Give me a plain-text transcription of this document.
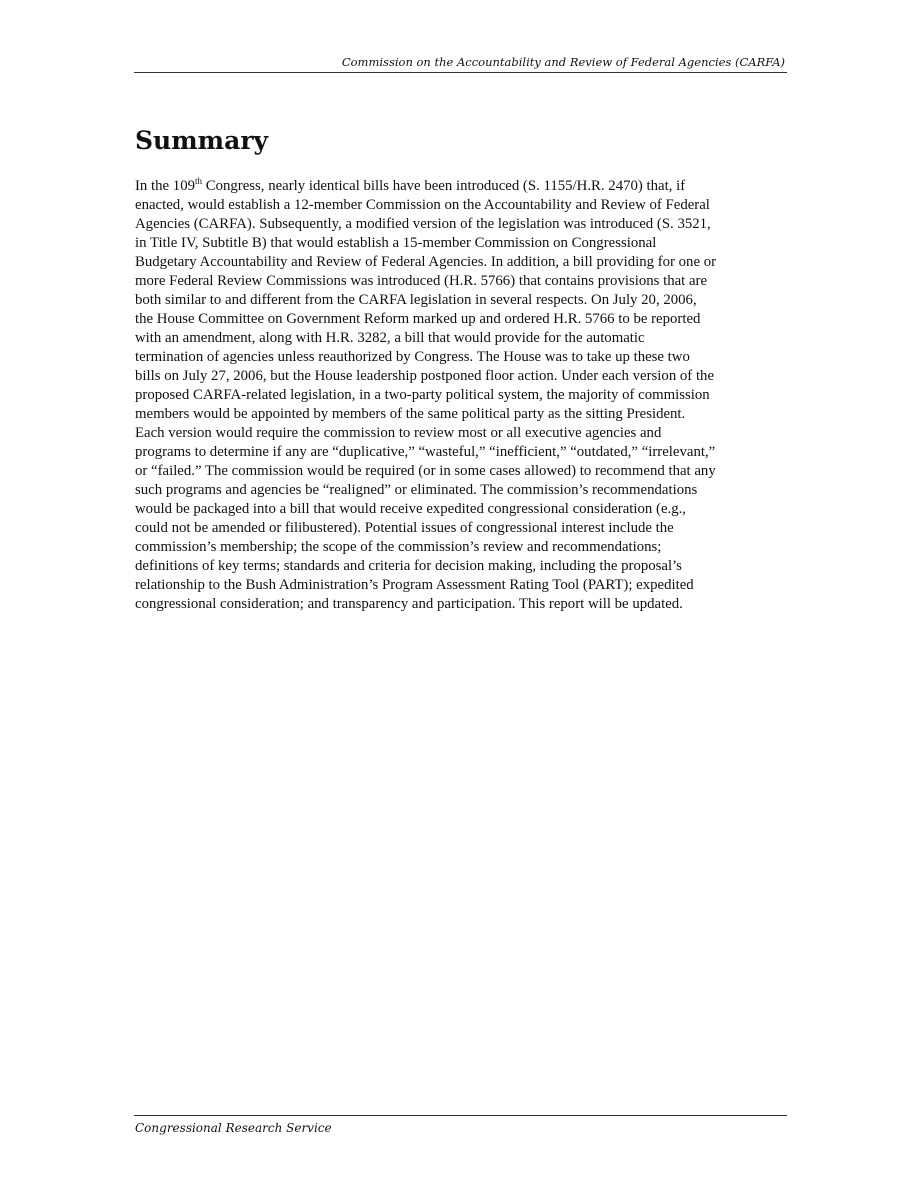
Commission on the Accountability and Review of Federal Agencies (CARFA)
Summary

In the 109th Congress, nearly identical bills have been introduced (S. 1155/H.R. 2470) that, if
enacted, would establish a 12-member Commission on the Accountability and Review of Federal
Agencies (CARFA). Subsequently, a modified version of the legislation was introduced (S. 3521,
in Title IV, Subtitle B) that would establish a 15-member Commission on Congressional
Budgetary Accountability and Review of Federal Agencies. In addition, a bill providing for one or
more Federal Review Commissions was introduced (H.R. 5766) that contains provisions that are
both similar to and different from the CARFA legislation in several respects. On July 20, 2006,
the House Committee on Government Reform marked up and ordered H.R. 5766 to be reported
with an amendment, along with H.R. 3282, a bill that would provide for the automatic
termination of agencies unless reauthorized by Congress. The House was to take up these two
bills on July 27, 2006, but the House leadership postponed floor action. Under each version of the
proposed CARFA-related legislation, in a two-party political system, the majority of commission
members would be appointed by members of the same political party as the sitting President.
Each version would require the commission to review most or all executive agencies and
programs to determine if any are “duplicative,” “wasteful,” “inefficient,” “outdated,” “irrelevant,”
or “failed.” The commission would be required (or in some cases allowed) to recommend that any
such programs and agencies be “realigned” or eliminated. The commission’s recommendations
would be packaged into a bill that would receive expedited congressional consideration (e.g.,
could not be amended or filibustered). Potential issues of congressional interest include the
commission’s membership; the scope of the commission’s review and recommendations;
definitions of key terms; standards and criteria for decision making, including the proposal’s
relationship to the Bush Administration’s Program Assessment Rating Tool (PART); expedited
congressional consideration; and transparency and participation. This report will be updated.

Congressional Research Service
